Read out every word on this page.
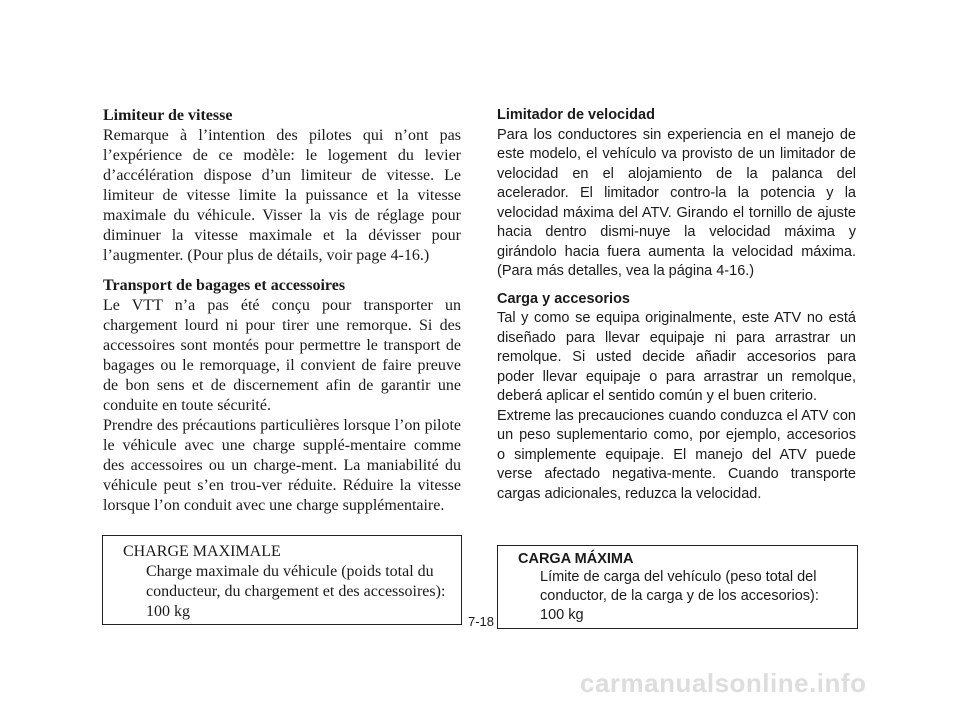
Limiteur de vitesse

Remarque à l’intention des pilotes qui n’ont pas l’expérience de ce modèle: le logement du levier d’accélération dispose d’un limiteur de vitesse. Le limiteur de vitesse limite la puissance et la vitesse maximale du véhicule. Visser la vis de réglage pour diminuer la vitesse maximale et la dévisser pour l’augmenter. (Pour plus de détails, voir page 4-16.)

Transport de bagages et accessoires

Le VTT n’a pas été conçu pour transporter un chargement lourd ni pour tirer une remorque. Si des accessoires sont montés pour permettre le transport de bagages ou le remorquage, il convient de faire preuve de bon sens et de discernement afin de garantir une conduite en toute sécurité.

Prendre des précautions particulières lorsque l’on pilote le véhicule avec une charge supplé-mentaire comme des accessoires ou un charge-ment. La maniabilité du véhicule peut s’en trou-ver réduite. Réduire la vitesse lorsque l’on conduit avec une charge supplémentaire.

Limitador de velocidad

Para los conductores sin experiencia en el manejo de este modelo, el vehículo va provisto de un limitador de velocidad en el alojamiento de la palanca del acelerador. El limitador contro-la la potencia y la velocidad máxima del ATV. Girando el tornillo de ajuste hacia dentro dismi-nuye la velocidad máxima y girándolo hacia fuera aumenta la velocidad máxima. (Para más detalles, vea la página 4-16.)

Carga y accesorios

Tal y como se equipa originalmente, este ATV no está diseñado para llevar equipaje ni para arrastrar un remolque. Si usted decide añadir accesorios para poder llevar equipaje o para arrastrar un remolque, deberá aplicar el sentido común y el buen criterio.

Extreme las precauciones cuando conduzca el ATV con un peso suplementario como, por ejemplo, accesorios o simplemente equipaje. El manejo del ATV puede verse afectado negativa-mente. Cuando transporte cargas adicionales, reduzca la velocidad.

CHARGE MAXIMALE
Charge maximale du véhicule (poids total du conducteur, du chargement et des accessoires): 100 kg
CARGA MÁXIMA
Límite de carga del vehículo (peso total del conductor, de la carga y de los accesorios): 100 kg
7-18
carmanualsonline.info
